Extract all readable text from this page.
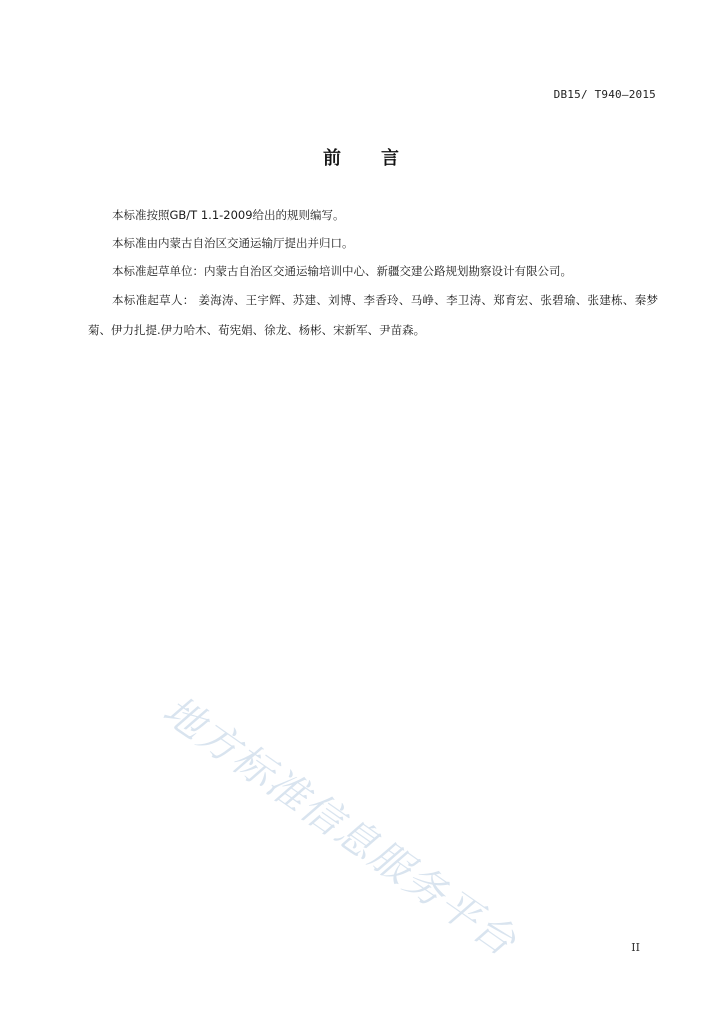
DB15/ T940—2015
前 言

本标准按照GB/T 1.1-2009给出的规则编写。

本标准由内蒙古自治区交通运输厅提出并归口。

本标准起草单位：内蒙古自治区交通运输培训中心、新疆交建公路规划勘察设计有限公司。

本标准起草人： 姜海涛、王宇辉、苏建、刘博、李香玲、马峥、李卫涛、郑育宏、张碧瑜、张建栋、秦梦菊、伊力扎提.伊力哈木、荀宪娟、徐龙、杨彬、宋新军、尹苗森。

地方标准信息服务平台	II
